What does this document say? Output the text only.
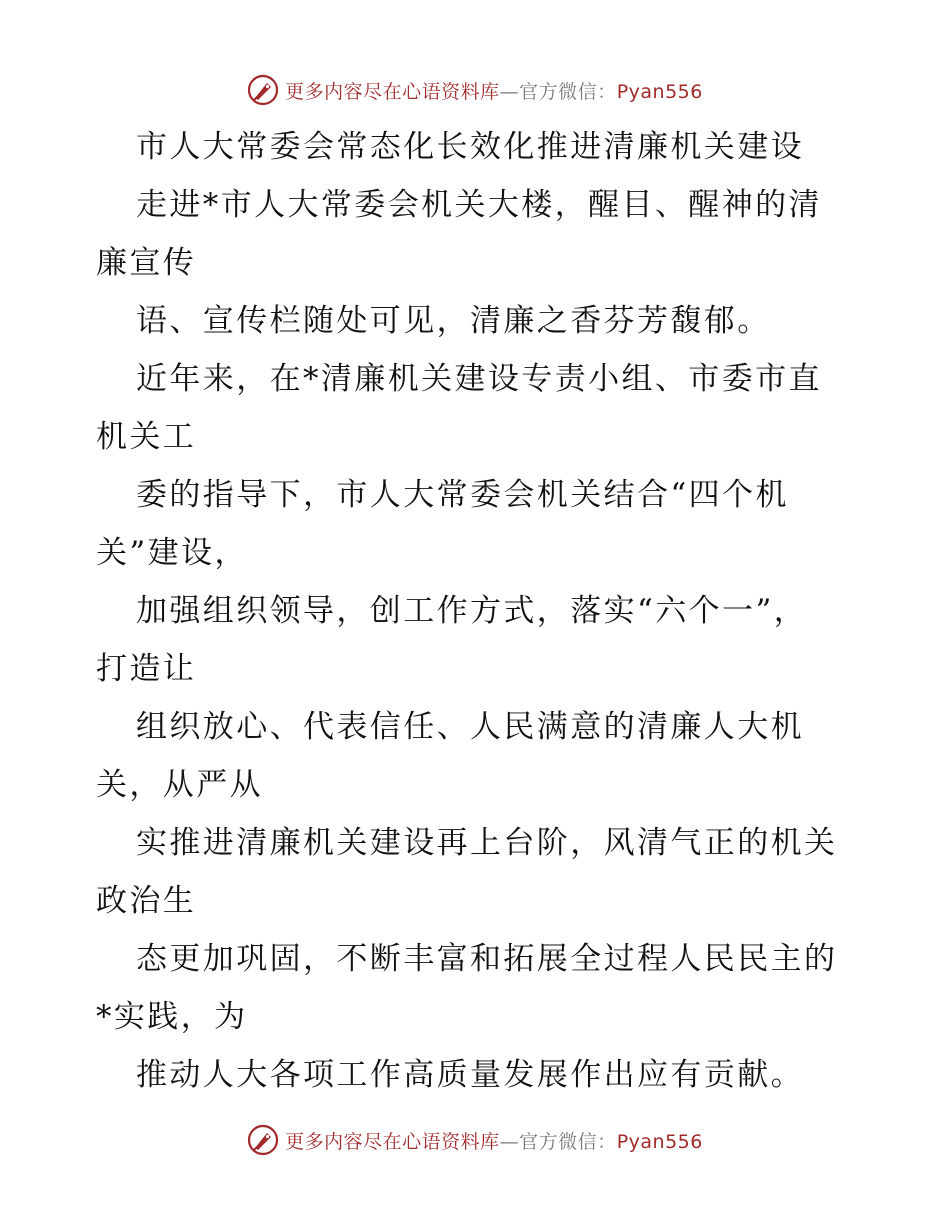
更多内容尽在心语资料库—官方微信：Pyan556
市人大常委会常态化长效化推进清廉机关建设
走进*市人大常委会机关大楼，醒目、醒神的清
廉宣传
语、宣传栏随处可见，清廉之香芬芳馥郁。
近年来，在*清廉机关建设专责小组、市委市直
机关工
委的指导下，市人大常委会机关结合“四个机
关”建设，
加强组织领导，创工作方式，落实“六个一”，
打造让
组织放心、代表信任、人民满意的清廉人大机
关，从严从
实推进清廉机关建设再上台阶，风清气正的机关
政治生
态更加巩固，不断丰富和拓展全过程人民民主的
*实践，为
推动人大各项工作高质量发展作出应有贡献。
更多内容尽在心语资料库—官方微信：Pyan556
